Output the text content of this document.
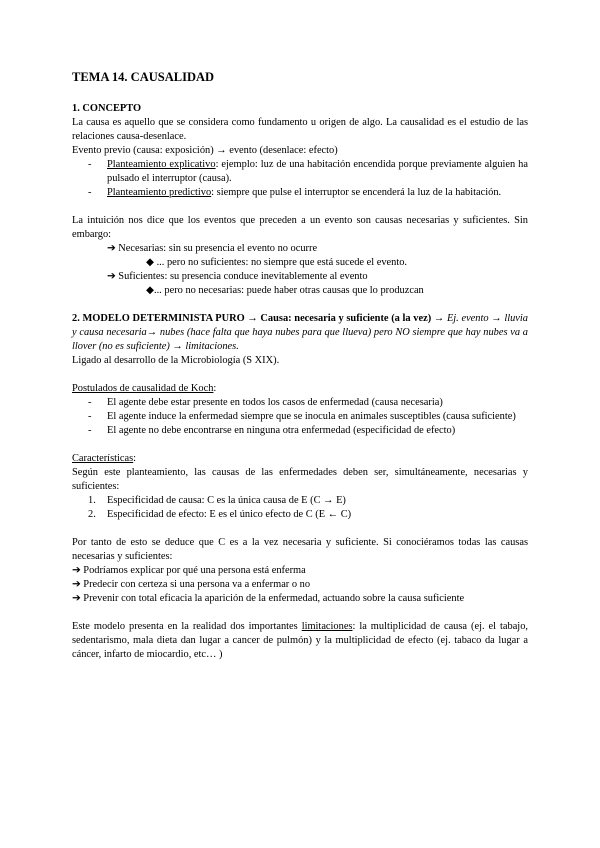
TEMA 14. CAUSALIDAD

1. CONCEPTO

La causa es aquello que se considera como fundamento u origen de algo. La causalidad es el estudio de las relaciones causa-desenlace.

Evento previo (causa: exposición) → evento (desenlace: efecto)

- Planteamiento explicativo: ejemplo: luz de una habitación encendida porque previamente alguien ha pulsado el interruptor (causa).
- Planteamiento predictivo: siempre que pulse el interruptor se encenderá la luz de la habitación.

La intuición nos dice que los eventos que preceden a un evento son causas necesarias y suficientes. Sin embargo:

➔ Necesarias: sin su presencia el evento no ocurre

◆ ... pero no suficientes: no siempre que está sucede el evento.

➔ Suficientes: su presencia conduce inevitablemente al evento

◆... pero no necesarias: puede haber otras causas que lo produzcan

2. MODELO DETERMINISTA PURO → Causa: necesaria y suficiente (a la vez) → Ej. evento → lluvia y causa necesaria→ nubes (hace falta que haya nubes para que llueva) pero NO siempre que hay nubes va a llover (no es suficiente) → limitaciones.

Ligado al desarrollo de la Microbiología (S XIX).

Postulados de causalidad de Koch:

- El agente debe estar presente en todos los casos de enfermedad (causa necesaria)
- El agente induce la enfermedad siempre que se inocula en animales susceptibles (causa suficiente)
- El agente no debe encontrarse en ninguna otra enfermedad (especificidad de efecto)

Características:

Según este planteamiento, las causas de las enfermedades deben ser, simultáneamente, necesarias y suficientes:

1. Especificidad de causa: C es la única causa de E (C → E)
2. Especificidad de efecto: E es el único efecto de C (E ← C)

Por tanto de esto se deduce que C es a la vez necesaria y suficiente. Si conociéramos todas las causas necesarias y suficientes:

➔ Podríamos explicar por qué una persona está enferma

➔ Predecir con certeza si una persona va a enfermar o no

➔ Prevenir con total eficacia la aparición de la enfermedad, actuando sobre la causa suficiente

Este modelo presenta en la realidad dos importantes limitaciones: la multiplicidad de causa (ej. el tabajo, sedentarismo, mala dieta dan lugar a cancer de pulmón) y la multiplicidad de efecto (ej. tabaco da lugar a cáncer, infarto de miocardio, etc… )
